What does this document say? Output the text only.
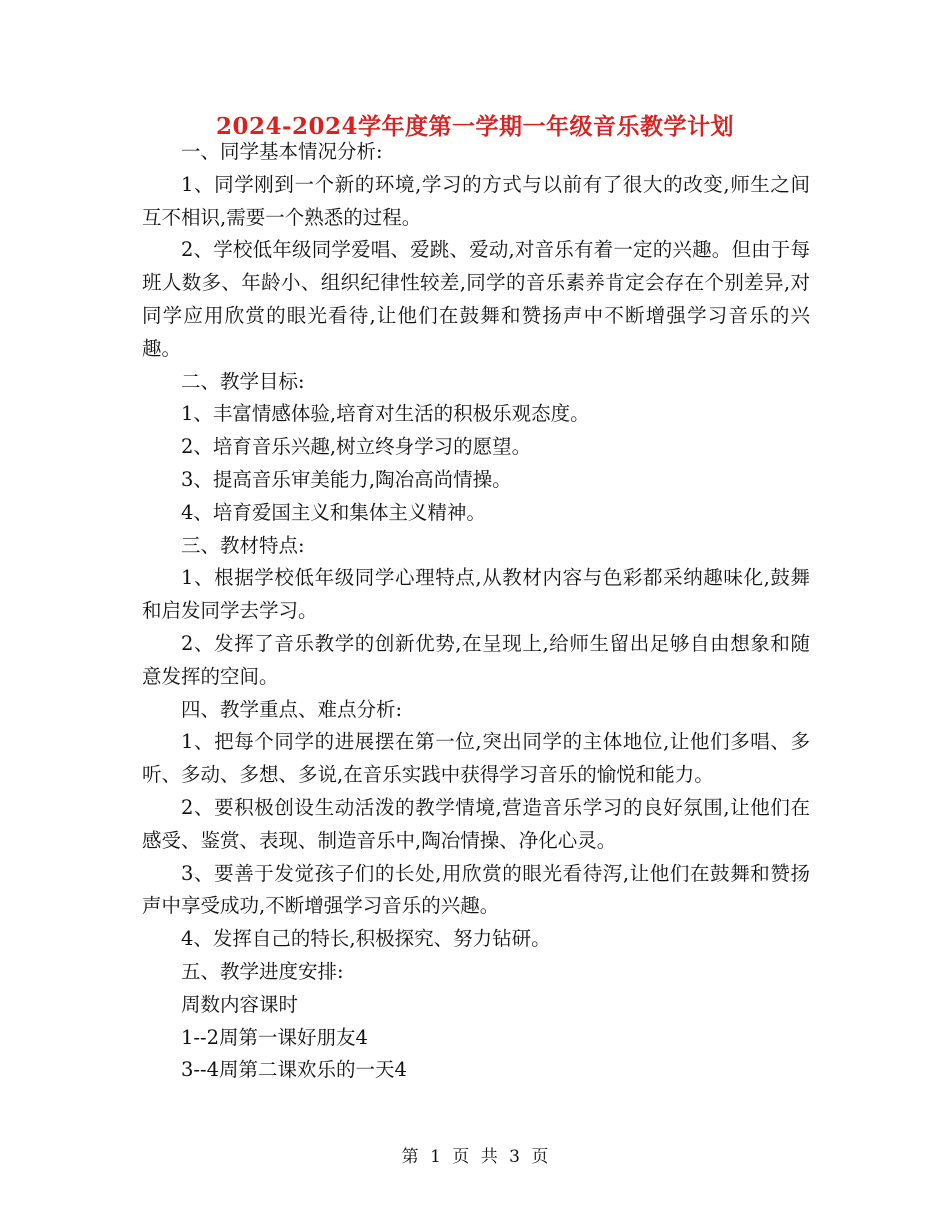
2024-2024学年度第一学期一年级音乐教学计划

一、同学基本情况分析:

1、同学刚到一个新的环境,学习的方式与以前有了很大的改变,师生之间互不相识,需要一个熟悉的过程。

2、学校低年级同学爱唱、爱跳、爱动,对音乐有着一定的兴趣。但由于每班人数多、年龄小、组织纪律性较差,同学的音乐素养肯定会存在个别差异,对同学应用欣赏的眼光看待,让他们在鼓舞和赞扬声中不断增强学习音乐的兴趣。

二、教学目标:

1、丰富情感体验,培育对生活的积极乐观态度。

2、培育音乐兴趣,树立终身学习的愿望。

3、提高音乐审美能力,陶冶高尚情操。

4、培育爱国主义和集体主义精神。

三、教材特点:

1、根据学校低年级同学心理特点,从教材内容与色彩都采纳趣味化,鼓舞和启发同学去学习。

2、发挥了音乐教学的创新优势,在呈现上,给师生留出足够自由想象和随意发挥的空间。

四、教学重点、难点分析:

1、把每个同学的进展摆在第一位,突出同学的主体地位,让他们多唱、多听、多动、多想、多说,在音乐实践中获得学习音乐的愉悦和能力。

2、要积极创设生动活泼的教学情境,营造音乐学习的良好氛围,让他们在感受、鉴赏、表现、制造音乐中,陶冶情操、净化心灵。

3、要善于发觉孩子们的长处,用欣赏的眼光看待泻,让他们在鼓舞和赞扬声中享受成功,不断增强学习音乐的兴趣。

4、发挥自己的特长,积极探究、努力钻研。

五、教学进度安排:

周数内容课时

1--2周第一课好朋友4

3--4周第二课欢乐的一天4

第 1 页 共 3 页
